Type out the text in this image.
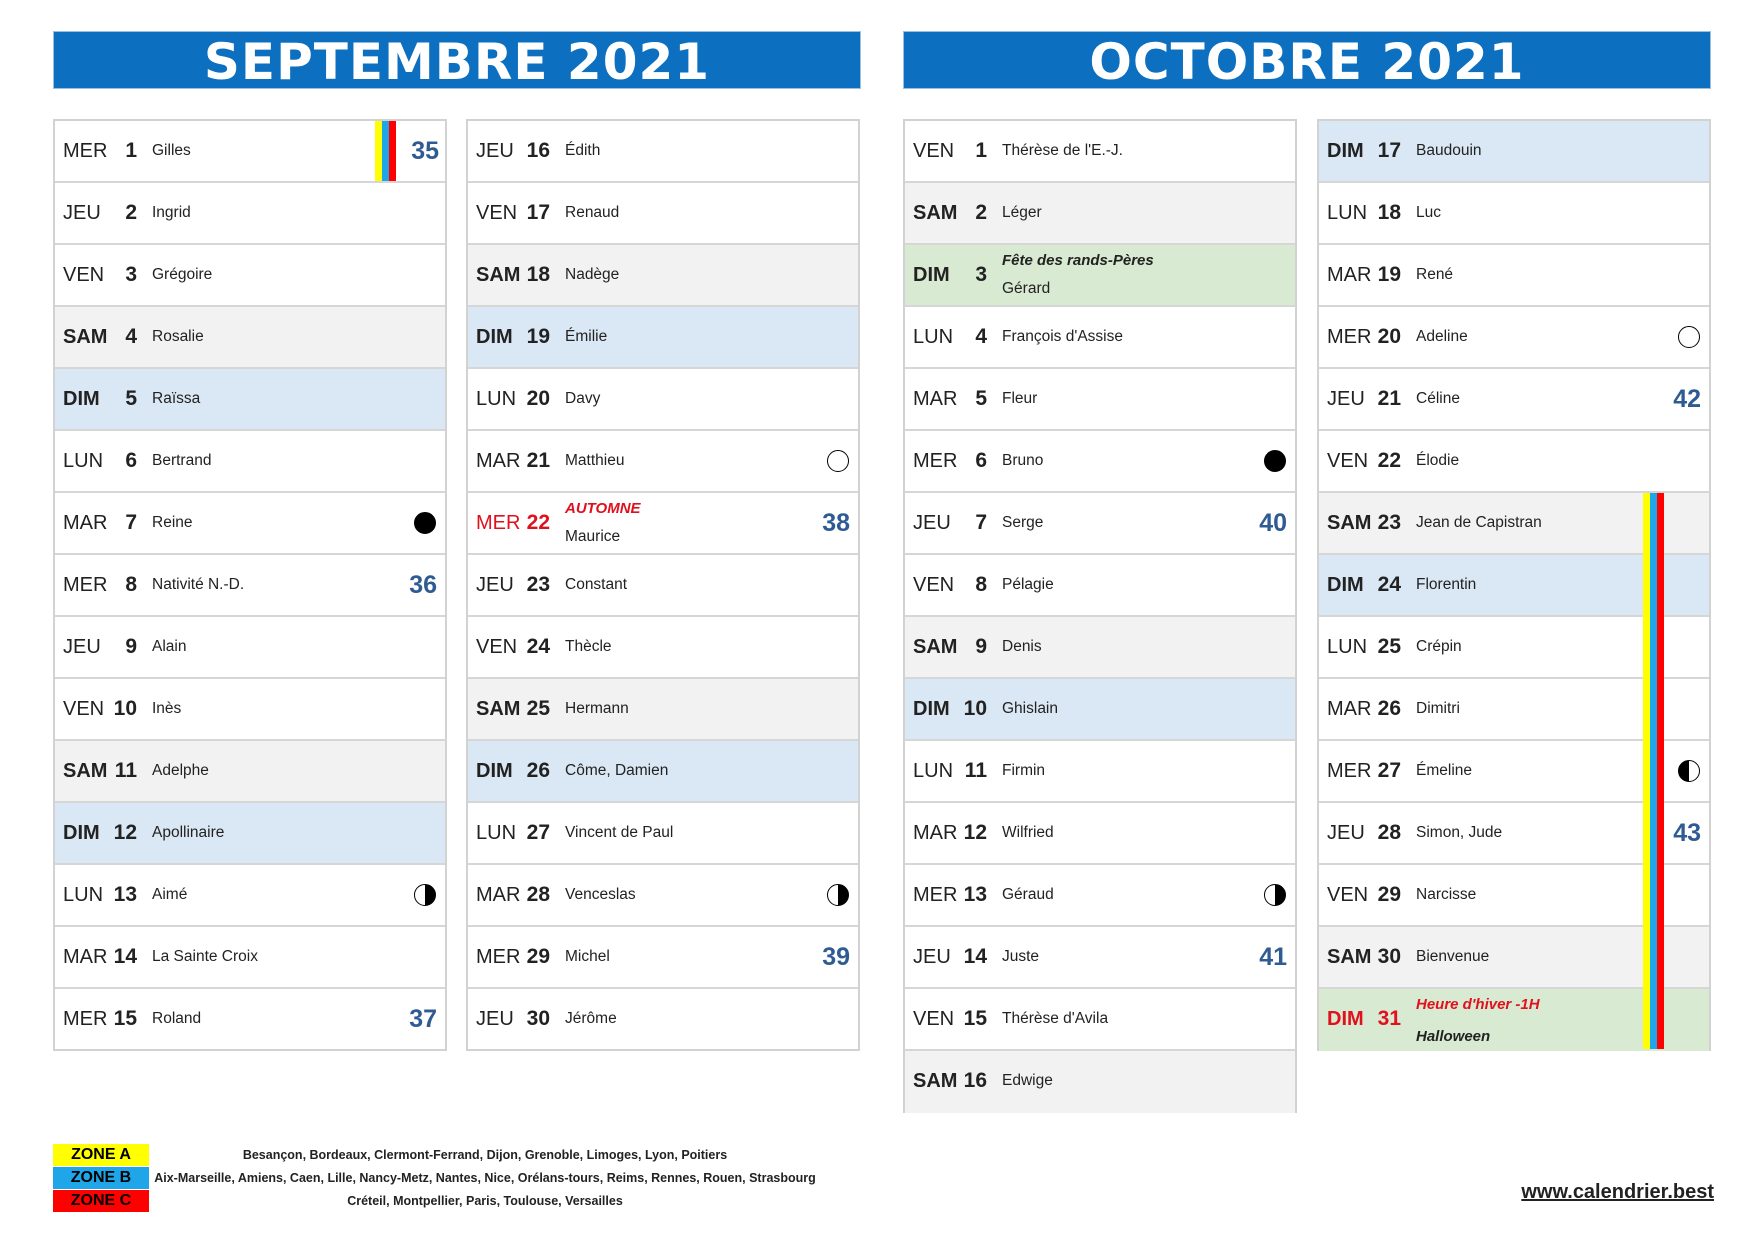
SEPTEMBRE 2021	OCTOBRE 2021
MER 1 Gilles	35
JEU	2 Ingrid
VEN	3 Grégoire
SAM 4 Rosalie
DIM	5 Raïssa
LUN	6 Bertrand
MAR 7 Reine
MER 8 Nativité N.-D.	36
JEU	9 Alain
VEN 10 Inès
SAM 11 Adelphe
DIM 12 Apollinaire
LUN 13 Aimé
MAR 14 La Sainte Croix
MER 15 Roland	37
JEU 16 Édith
VEN 17 Renaud
SAM 18 Nadège
DIM 19 Émilie
LUN 20 Davy
MAR 21 Matthieu
MER 22
AUTOMNE
Maurice	38
JEU 23 Constant
VEN 24 Thècle
SAM 25 Hermann
DIM 26 Côme, Damien
LUN 27 Vincent de Paul
MAR 28 Venceslas
MER 29 Michel	39
JEU 30 Jérôme
VEN	1 Thérèse de l'E.-J.
SAM 2 Léger
DIM	3
Fête des rands-Pères
Gérard
LUN	4 François d'Assise
MAR 5 Fleur
MER 6 Bruno
JEU	7 Serge	40
VEN	8 Pélagie
SAM 9 Denis
DIM 10 Ghislain
LUN 11 Firmin
MAR 12 Wilfried
MER 13 Géraud
JEU 14 Juste	41
VEN 15 Thérèse d'Avila
SAM 16 Edwige
DIM 17 Baudouin
LUN 18 Luc
MAR 19 René
MER 20 Adeline
JEU 21 Céline	42
VEN 22 Élodie
SAM 23 Jean de Capistran
DIM 24 Florentin
LUN 25 Crépin
MAR 26 Dimitri
MER 27 Émeline
JEU 28 Simon, Jude	43
VEN 29 Narcisse
SAM 30 Bienvenue
DIM 31
Heure d'hiver -1H
Halloween
ZONE A	Besançon, Bordeaux, Clermont-Ferrand, Dijon, Grenoble, Limoges, Lyon, Poitiers
ZONE B	Aix-Marseille, Amiens, Caen, Lille, Nancy-Metz, Nantes, Nice, Orélans-tours, Reims, Rennes, Rouen, Strasbourg
ZONE C	Créteil, Montpellier, Paris, Toulouse, Versailles	www.calendrier.best
